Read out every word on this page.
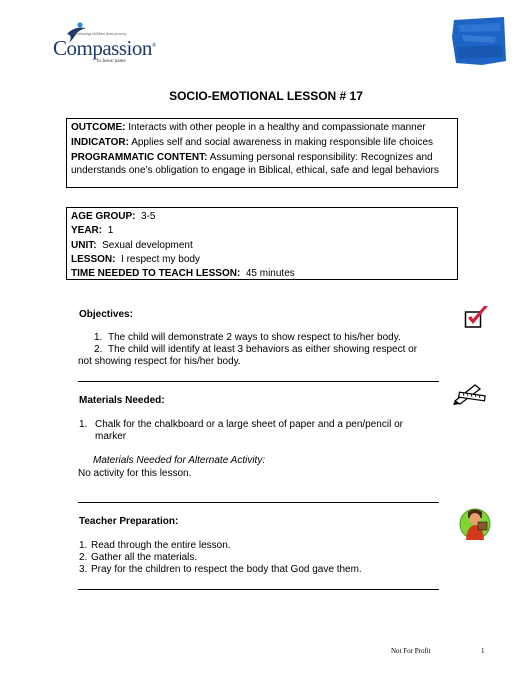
Releasing children from poverty
Compassion®
in Jesus' name
SOCIO-EMOTIONAL LESSON # 17

OUTCOME: Interacts with other people in a healthy and compassionate manner

INDICATOR: Applies self and social awareness in making responsible life choices

PROGRAMMATIC CONTENT: Assuming personal responsibility: Recognizes and understands one’s obligation to engage in Biblical, ethical, safe and legal behaviors

AGE GROUP: 3-5

YEAR: 1

UNIT: Sexual development

LESSON: I respect my body

TIME NEEDED TO TEACH LESSON: 45 minutes

Objectives:
1. The child will demonstrate 2 ways to show respect to his/her body.
2. The child will identify at least 3 behaviors as either showing respect or
not showing respect for his/her body.
Materials Needed:
1. Chalk for the chalkboard or a large sheet of paper and a pen/pencil or
marker
Materials Needed for Alternate Activity:
No activity for this lesson.
Teacher Preparation:
1. Read through the entire lesson.
2. Gather all the materials.
3. Pray for the children to respect the body that God gave them.
Not For Profit	1
